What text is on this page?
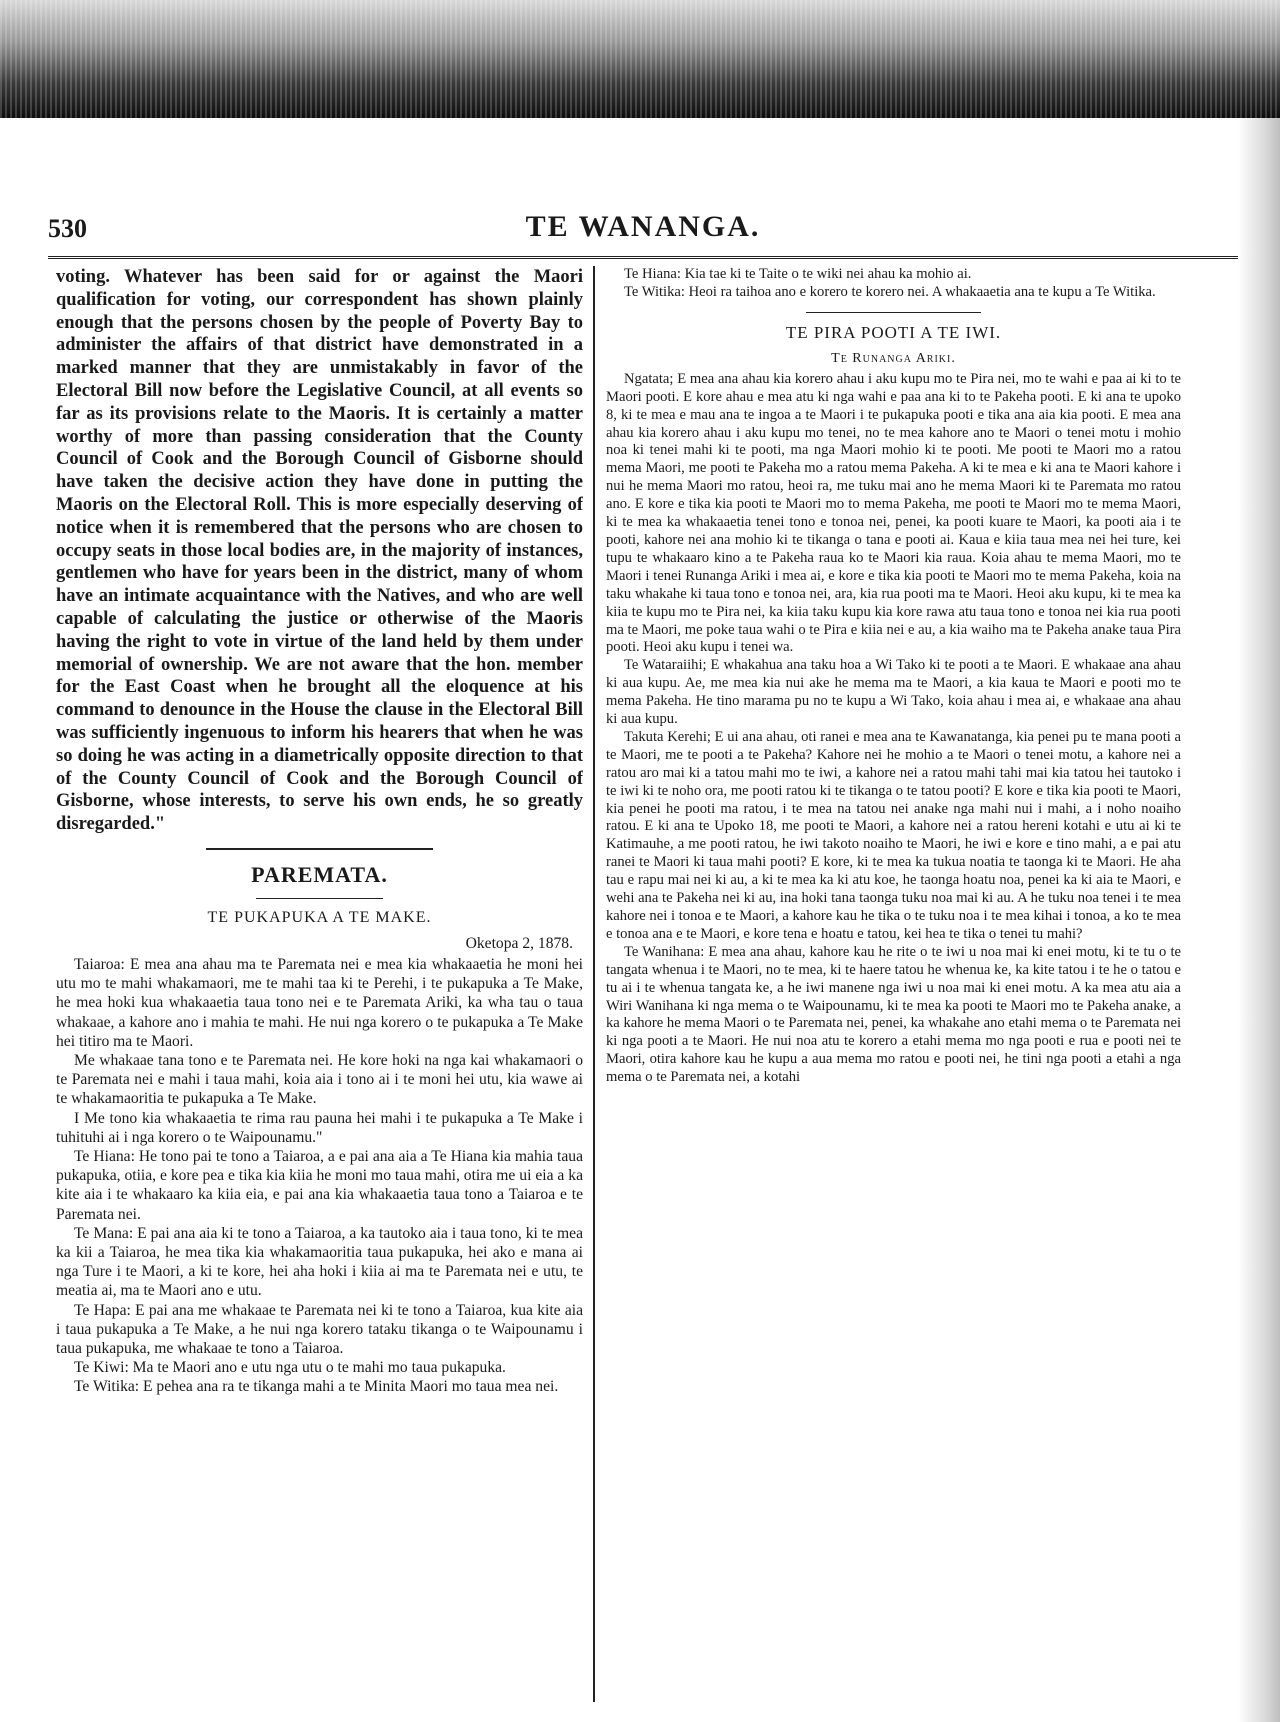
530	TE WANANGA.

voting. Whatever has been said for or against the Maori qualification for voting, our correspondent has shown plainly enough that the persons chosen by the people of Poverty Bay to administer the affairs of that district have demonstrated in a marked manner that they are unmistakably in favor of the Electoral Bill now before the Legislative Council, at all events so far as its provisions relate to the Maoris. It is certainly a matter worthy of more than passing consideration that the County Council of Cook and the Borough Council of Gisborne should have taken the decisive action they have done in putting the Maoris on the Electoral Roll. This is more especially deserving of notice when it is remembered that the persons who are chosen to occupy seats in those local bodies are, in the majority of instances, gentlemen who have for years been in the district, many of whom have an intimate acquaintance with the Natives, and who are well capable of calculating the justice or otherwise of the Maoris having the right to vote in virtue of the land held by them under memorial of ownership. We are not aware that the hon. member for the East Coast when he brought all the eloquence at his command to denounce in the House the clause in the Electoral Bill was sufficiently ingenuous to inform his hearers that when he was so doing he was acting in a diametrically opposite direction to that of the County Council of Cook and the Borough Council of Gisborne, whose interests, to serve his own ends, he so greatly disregarded."

PAREMATA.
TE PUKAPUKA A TE MAKE.
Oketopa 2, 1878.

Taiaroa: E mea ana ahau ma te Paremata nei e mea kia whakaaetia he moni hei utu mo te mahi whakamaori, me te mahi taa ki te Perehi, i te pukapuka a Te Make, he mea hoki kua whakaaetia taua tono nei e te Paremata Ariki, ka wha tau o taua whakaae, a kahore ano i mahia te mahi. He nui nga korero o te pukapuka a Te Make hei titiro ma te Maori.

Me whakaae tana tono e te Paremata nei. He kore hoki na nga kai whakamaori o te Paremata nei e mahi i taua mahi, koia aia i tono ai i te moni hei utu, kia wawe ai te whakamaoritia te pukapuka a Te Make.

I Me tono kia whakaaetia te rima rau pauna hei mahi i te pukapuka a Te Make i tuhituhi ai i nga korero o te Waipounamu."

Te Hiana: He tono pai te tono a Taiaroa, a e pai ana aia a Te Hiana kia mahia taua pukapuka, otiia, e kore pea e tika kia kiia he moni mo taua mahi, otira me ui eia a ka kite aia i te whakaaro ka kiia eia, e pai ana kia whakaaetia taua tono a Taiaroa e te Paremata nei.

Te Mana: E pai ana aia ki te tono a Taiaroa, a ka tautoko aia i taua tono, ki te mea ka kii a Taiaroa, he mea tika kia whakamaoritia taua pukapuka, hei ako e mana ai nga Ture i te Maori, a ki te kore, hei aha hoki i kiia ai ma te Paremata nei e utu, te meatia ai, ma te Maori ano e utu.

Te Hapa: E pai ana me whakaae te Paremata nei ki te tono a Taiaroa, kua kite aia i taua pukapuka a Te Make, a he nui nga korero tataku tikanga o te Waipounamu i taua pukapuka, me whakaae te tono a Taiaroa.

Te Kiwi: Ma te Maori ano e utu nga utu o te mahi mo taua pukapuka.

Te Witika: E pehea ana ra te tikanga mahi a te Minita Maori mo taua mea nei.

Te Hiana: Kia tae ki te Taite o te wiki nei ahau ka mohio ai.

Te Witika: Heoi ra taihoa ano e korero te korero nei. A whakaaetia ana te kupu a Te Witika.

TE PIRA POOTI A TE IWI.
Te Runanga Ariki.

Ngatata; E mea ana ahau kia korero ahau i aku kupu mo te Pira nei, mo te wahi e paa ai ki to te Maori pooti. E kore ahau e mea atu ki nga wahi e paa ana ki to te Pakeha pooti. E ki ana te upoko 8, ki te mea e mau ana te ingoa a te Maori i te pukapuka pooti e tika ana aia kia pooti. E mea ana ahau kia korero ahau i aku kupu mo tenei, no te mea kahore ano te Maori o tenei motu i mohio noa ki tenei mahi ki te pooti, ma nga Maori mohio ki te pooti. Me pooti te Maori mo a ratou mema Maori, me pooti te Pakeha mo a ratou mema Pakeha. A ki te mea e ki ana te Maori kahore i nui he mema Maori mo ratou, heoi ra, me tuku mai ano he mema Maori ki te Paremata mo ratou ano. E kore e tika kia pooti te Maori mo to mema Pakeha, me pooti te Maori mo te mema Maori, ki te mea ka whakaaetia tenei tono e tonoa nei, penei, ka pooti kuare te Maori, ka pooti aia i te pooti, kahore nei ana mohio ki te tikanga o tana e pooti ai. Kaua e kiia taua mea nei hei ture, kei tupu te whakaaro kino a te Pakeha raua ko te Maori kia raua. Koia ahau te mema Maori, mo te Maori i tenei Runanga Ariki i mea ai, e kore e tika kia pooti te Maori mo te mema Pakeha, koia na taku whakahe ki taua tono e tonoa nei, ara, kia rua pooti ma te Maori. Heoi aku kupu, ki te mea ka kiia te kupu mo te Pira nei, ka kiia taku kupu kia kore rawa atu taua tono e tonoa nei kia rua pooti ma te Maori, me poke taua wahi o te Pira e kiia nei e au, a kia waiho ma te Pakeha anake taua Pira pooti. Heoi aku kupu i tenei wa.

Te Wataraiihi; E whakahua ana taku hoa a Wi Tako ki te pooti a te Maori. E whakaae ana ahau ki aua kupu. Ae, me mea kia nui ake he mema ma te Maori, a kia kaua te Maori e pooti mo te mema Pakeha. He tino marama pu no te kupu a Wi Tako, koia ahau i mea ai, e whakaae ana ahau ki aua kupu.

Takuta Kerehi; E ui ana ahau, oti ranei e mea ana te Kawanatanga, kia penei pu te mana pooti a te Maori, me te pooti a te Pakeha? Kahore nei he mohio a te Maori o tenei motu, a kahore nei a ratou aro mai ki a tatou mahi mo te iwi, a kahore nei a ratou mahi tahi mai kia tatou hei tautoko i te iwi ki te noho ora, me pooti ratou ki te tikanga o te tatou pooti? E kore e tika kia pooti te Maori, kia penei he pooti ma ratou, i te mea na tatou nei anake nga mahi nui i mahi, a i noho noaiho ratou. E ki ana te Upoko 18, me pooti te Maori, a kahore nei a ratou hereni kotahi e utu ai ki te Katimauhe, a me pooti ratou, he iwi takoto noaiho te Maori, he iwi e kore e tino mahi, a e pai atu ranei te Maori ki taua mahi pooti? E kore, ki te mea ka tukua noatia te taonga ki te Maori. He aha tau e rapu mai nei ki au, a ki te mea ka ki atu koe, he taonga hoatu noa, penei ka ki aia te Maori, e wehi ana te Pakeha nei ki au, ina hoki tana taonga tuku noa mai ki au. A he tuku noa tenei i te mea kahore nei i tonoa e te Maori, a kahore kau he tika o te tuku noa i te mea kihai i tonoa, a ko te mea e tonoa ana e te Maori, e kore tena e hoatu e tatou, kei hea te tika o tenei tu mahi?

Te Wanihana: E mea ana ahau, kahore kau he rite o te iwi u noa mai ki enei motu, ki te tu o te tangata whenua i te Maori, no te mea, ki te haere tatou he whenua ke, ka kite tatou i te he o tatou e tu ai i te whenua tangata ke, a he iwi manene nga iwi u noa mai ki enei motu. A ka mea atu aia a Wiri Wanihana ki nga mema o te Waipounamu, ki te mea ka pooti te Maori mo te Pakeha anake, a ka kahore he mema Maori o te Paremata nei, penei, ka whakahe ano etahi mema o te Paremata nei ki nga pooti a te Maori. He nui noa atu te korero a etahi mema mo nga pooti e rua e pooti nei te Maori, otira kahore kau he kupu a aua mema mo ratou e pooti nei, he tini nga pooti a etahi a nga mema o te Paremata nei, a kotahi
